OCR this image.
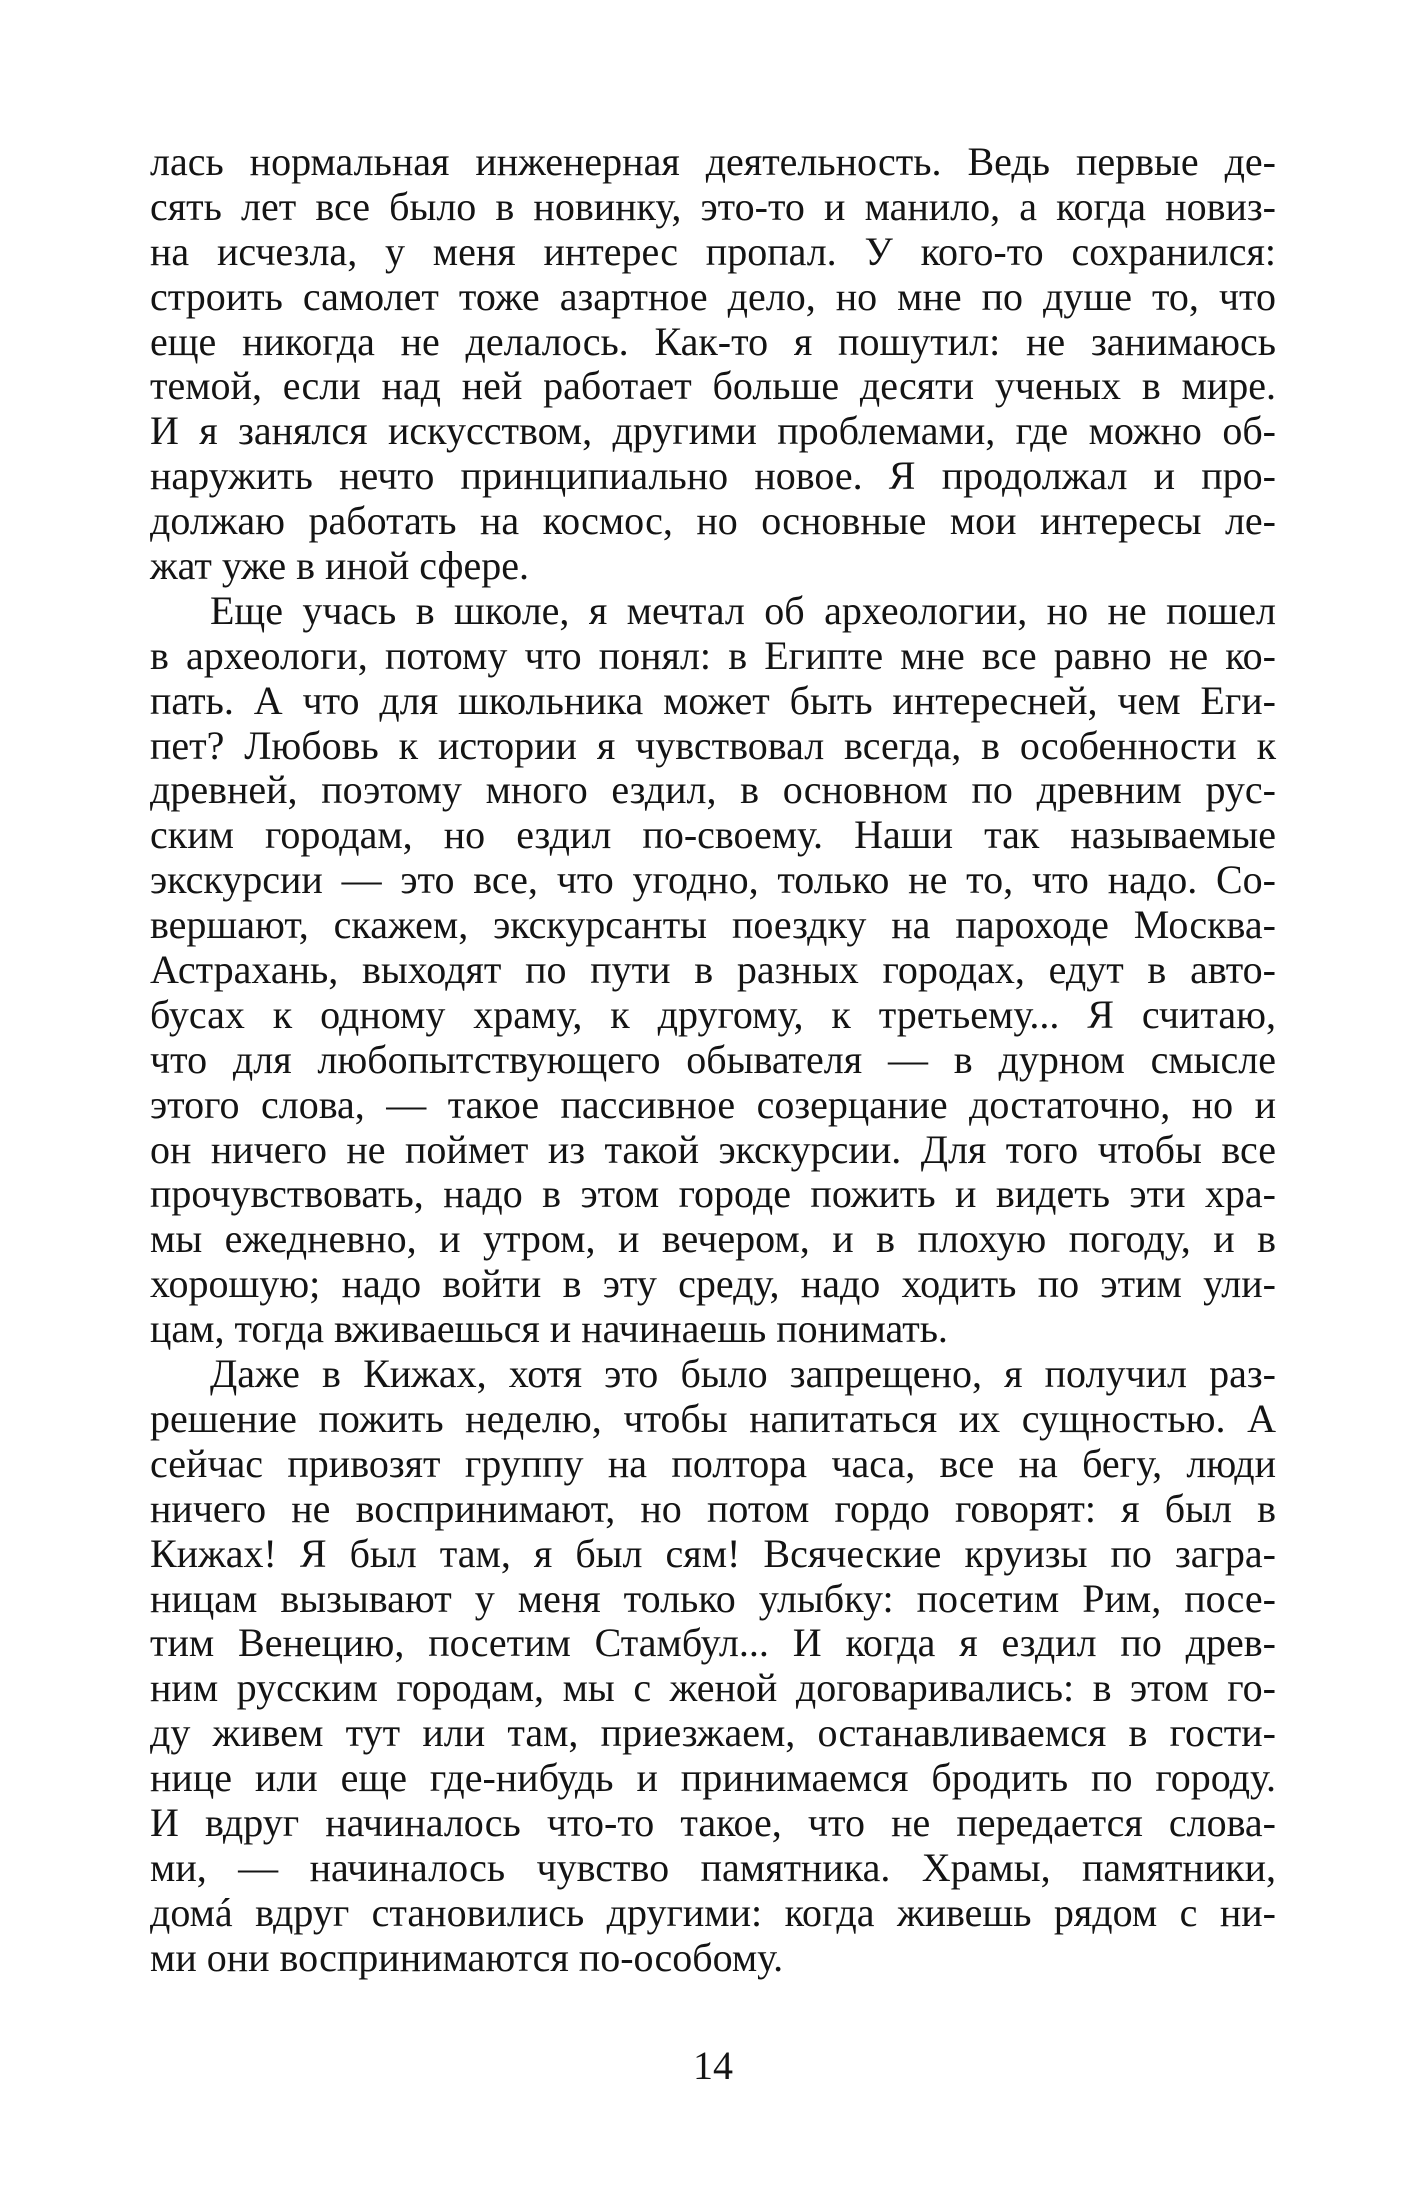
лась нормальная инженерная деятельность. Ведь первые де-
сять лет все было в новинку, это-то и манило, а когда новиз-
на исчезла, у меня интерес пропал. У кого-то сохранился:
строить самолет тоже азартное дело, но мне по душе то, что
еще никогда не делалось. Как-то я пошутил: не занимаюсь
темой, если над ней работает больше десяти ученых в мире.
И я занялся искусством, другими проблемами, где можно об-
наружить нечто принципиально новое. Я продолжал и про-
должаю работать на космос, но основные мои интересы ле-
жат уже в иной сфере.
Еще учась в школе, я мечтал об археологии, но не пошел
в археологи, потому что понял: в Египте мне все равно не ко-
пать. А что для школьника может быть интересней, чем Еги-
пет? Любовь к истории я чувствовал всегда, в особенности к
древней, поэтому много ездил, в основном по древним рус-
ским городам, но ездил по-своему. Наши так называемые
экскурсии — это все, что угодно, только не то, что надо. Со-
вершают, скажем, экскурсанты поездку на пароходе Москва-
Астрахань, выходят по пути в разных городах, едут в авто-
бусах к одному храму, к другому, к третьему... Я считаю,
что для любопытствующего обывателя — в дурном смысле
этого слова, — такое пассивное созерцание достаточно, но и
он ничего не поймет из такой экскурсии. Для того чтобы все
прочувствовать, надо в этом городе пожить и видеть эти хра-
мы ежедневно, и утром, и вечером, и в плохую погоду, и в
хорошую; надо войти в эту среду, надо ходить по этим ули-
цам, тогда вживаешься и начинаешь понимать.
Даже в Кижах, хотя это было запрещено, я получил раз-
решение пожить неделю, чтобы напитаться их сущностью. А
сейчас привозят группу на полтора часа, все на бегу, люди
ничего не воспринимают, но потом гордо говорят: я был в
Кижах! Я был там, я был сям! Всяческие круизы по загра-
ницам вызывают у меня только улыбку: посетим Рим, посе-
тим Венецию, посетим Стамбул... И когда я ездил по древ-
ним русским городам, мы с женой договаривались: в этом го-
ду живем тут или там, приезжаем, останавливаемся в гости-
нице или еще где-нибудь и принимаемся бродить по городу.
И вдруг начиналось что-то такое, что не передается слова-
ми, — начиналось чувство памятника. Храмы, памятники,
домá вдруг становились другими: когда живешь рядом с ни-
ми они воспринимаются по-особому.
14
